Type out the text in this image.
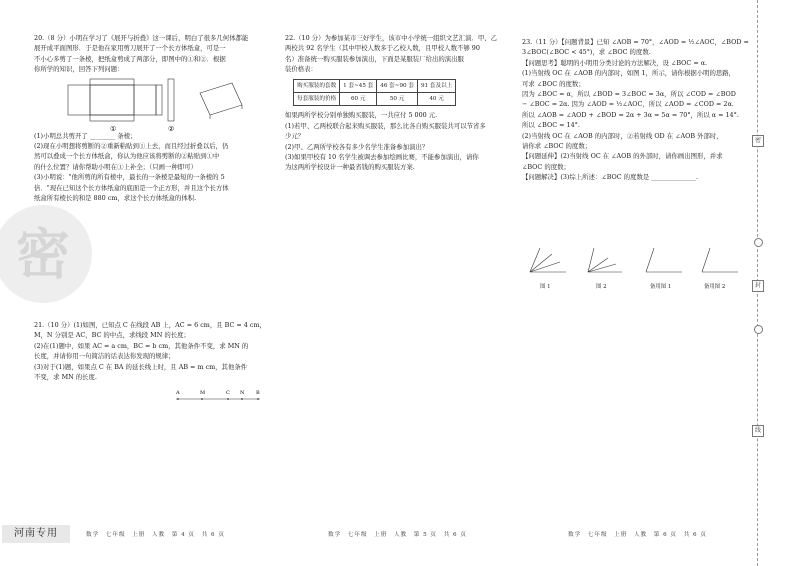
密

20.（8 分）小明在学习了《展开与折叠》这一课后，明白了很多几何体都能

展开成平面图形．于是他在家用剪刀展开了一个长方体纸盒，可是一

不小心多剪了一条棱，把纸盒剪成了两部分，即图中的①和②．根据

你所学的知识，回答下列问题：

(1)小明总共剪开了 ________ 条棱；

(2)现在小明想将剪断的②重新粘贴到①上去，而且经过折叠以后，仍

然可以叠成一个长方体纸盒，你认为他应该将剪断的②粘贴到①中

的什么位置？请你帮助小明在①上补全；（只画一种即可）

(3)小明说："他所剪的所有棱中，最长的一条棱是最短的一条棱的 5

倍．"现在已知这个长方体纸盒的底面是一个正方形，并且这个长方体

纸盒所有棱长的和是 880 cm，求这个长方体纸盒的体积.

①	②

21.（10 分）(1)如图，已知点 C 在线段 AB 上，AC = 6 cm，且 BC = 4 cm，

M，N 分别是 AC，BC 的中点，求线段 MN 的长度；

(2)在(1)题中，如果 AC = a cm，BC = b cm，其他条件不变，求 MN 的

长度，并请你用一句简洁的话表达你发现的规律；

(3)对于(1)题，如果点 C 在 BA 的延长线上时，且 AB = m cm，其他条件

不变，求 MN 的长度.

A	M	C N B

22.（10 分）为参加某市三好学生，该市中小学统一组织文艺汇演．甲、乙

两校共 92 名学生（其中甲校人数多于乙校人数，且甲校人数不够 90

名）准备统一购买服装参加演出，下面是某服装厂给出的演出服

装价格表：

购买服装的套数	1 套~45 套	46 套~90 套	91 套及以上
每套服装的价格	60 元	50 元	40 元

如果两所学校分别单独购买服装，一共应付 5 000 元.

(1)若甲、乙两校联合起来购买服装，那么比各自购买服装共可以节省多

少元？

(2)甲、乙两所学校各有多少名学生准备参加演出？

(3)如果甲校有 10 名学生被调去参加绘画比赛，不能参加演出，请你

为这两所学校设计一种最省钱的购买服装方案.

23.（11 分）【问题背景】已知 ∠AOB = 70°，∠AOD = ½∠AOC，∠BOD =

3∠BOC(∠BOC < 45°)，求 ∠BOC 的度数.

【问题思考】聪明的小明用分类讨论的方法解决，设 ∠BOC = α.

(1)当射线 OC 在 ∠AOB 的内部时，如图 1，所示，请你根据小明的思路，

可求 ∠BOC 的度数；

因为 ∠BOC = α，所以 ∠BOD = 3∠BOC = 3α，所以 ∠COD = ∠BOD

− ∠BOC = 2α. 因为 ∠AOD = ½∠AOC，所以 ∠AOD = ∠COD = 2α.

所以 ∠AOB = ∠AOD + ∠BOD = 2α + 3α = 5α = 70°，所以 α = 14°.

所以 ∠BOC = 14°.

(2)当射线 OC 在 ∠AOB 的内部时，②若射线 OD 在 ∠AOB 外部时，

请你求 ∠BOC 的度数；

【问题延伸】(2)当射线 OC 在 ∠AOB 的外部时，请你画出图形，并求

∠BOC 的度数；

【问题解决】(3)综上所述：∠BOC 的度数是 ______________.

图 1	图 2	备用图 1	备用图 2
密
封
线
河南专用	数学　七年级　上册　人教　第 4 页　共 6 页	数学　七年级　上册　人教　第 5 页　共 6 页	数学　七年级　上册　人教　第 6 页　共 6 页
